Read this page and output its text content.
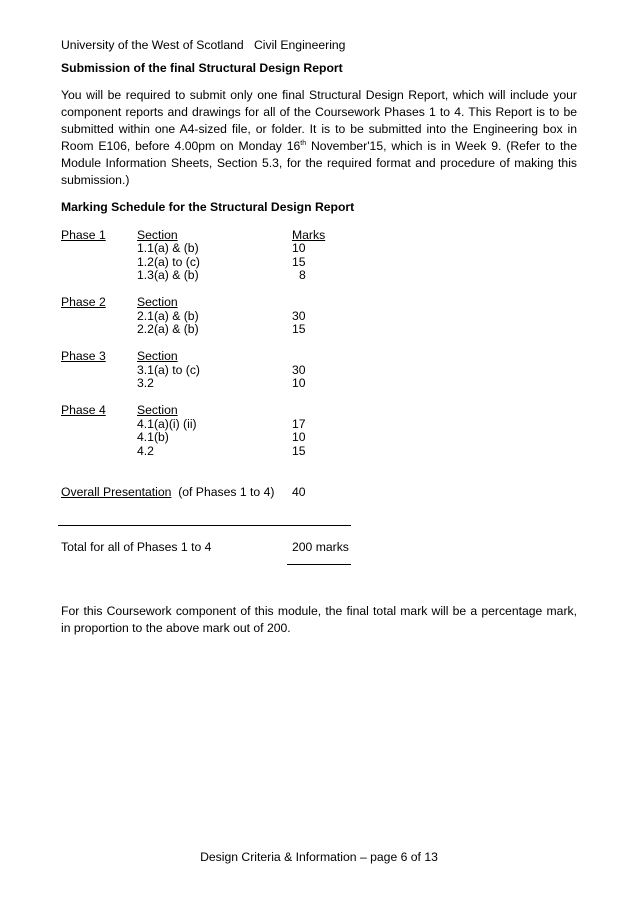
University of the West of Scotland Civil Engineering
Submission of the final Structural Design Report
You will be required to submit only one final Structural Design Report, which will include your component reports and drawings for all of the Coursework Phases 1 to 4. This Report is to be submitted within one A4-sized file, or folder. It is to be submitted into the Engineering box in Room E106, before 4.00pm on Monday 16th November'15, which is in Week 9. (Refer to the Module Information Sheets, Section 5.3, for the required format and procedure of making this submission.)
Marking Schedule for the Structural Design Report
Phase 1	Section	Marks
1.1(a) & (b)	10
1.2(a) to (c)	15
1.3(a) & (b)	8
Phase 2	Section
2.1(a) & (b)	30
2.2(a) & (b)	15
Phase 3	Section
3.1(a) to (c)	30
3.2	10
Phase 4	Section
4.1(a)(i) (ii)	17
4.1(b)	10
4.2	15
Overall Presentation (of Phases 1 to 4) 40
Total for all of Phases 1 to 4	200 marks
For this Coursework component of this module, the final total mark will be a percentage mark, in proportion to the above mark out of 200.
Design Criteria & Information – page 6 of 13
